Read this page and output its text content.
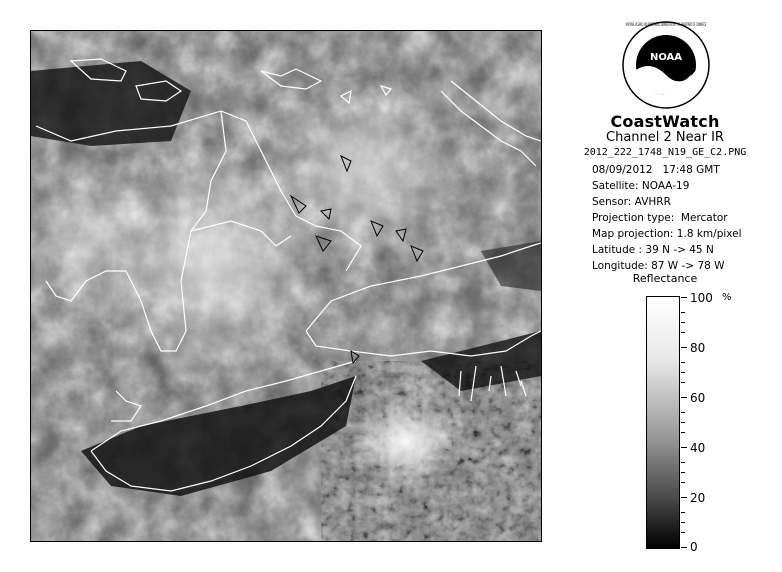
NOAA
NATIONAL OCEANIC AND ATMOSPHERIC ADMINISTRATION · U.S. DEPARTMENT OF COMMERCE
CoastWatch
Channel 2 Near IR
2012_222_1748_N19_GE_C2.PNG
08/09/2012   17:48 GMT
Satellite: NOAA-19
Sensor: AVHRR
Projection type:  Mercator
Map projection: 1.8 km/pixel
Latitude : 39 N -> 45 N
Longitude: 87 W -> 78 W
Reflectance
%
100
80
60
40
20
0
